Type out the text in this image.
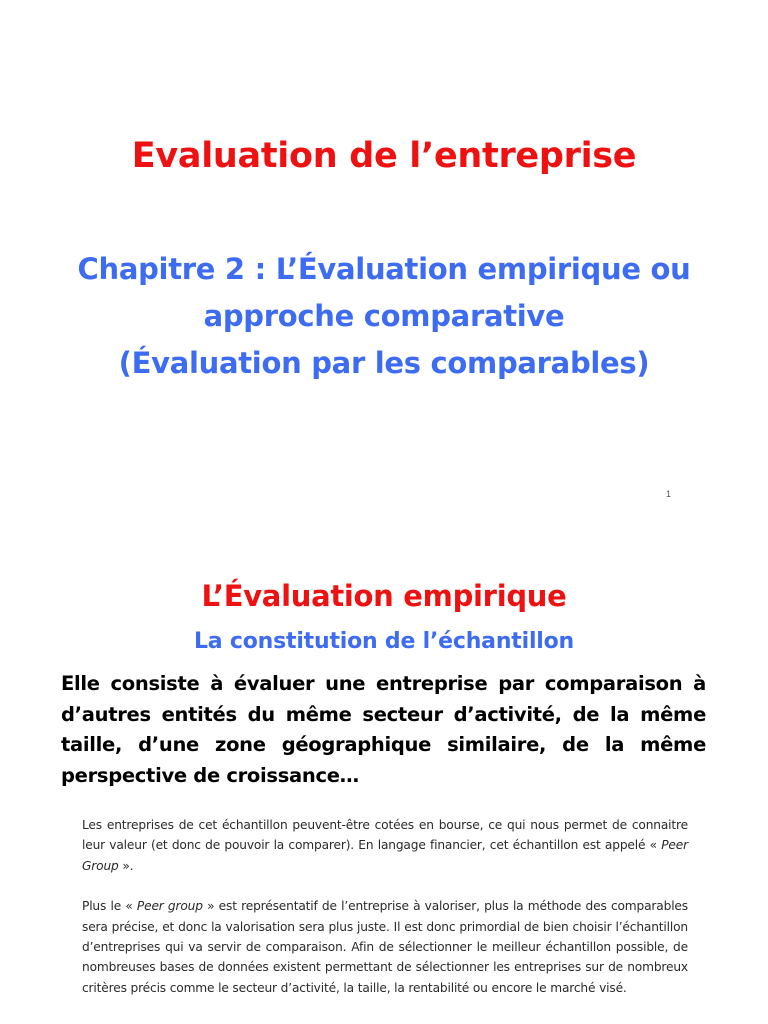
Evaluation de l’entreprise
Chapitre 2 : L’Évaluation empirique ou
approche comparative
(Évaluation par les comparables)
1
L’Évaluation empirique
La constitution de l’échantillon

Elle consiste à évaluer une entreprise par comparaison à d’autres entités du même secteur d’activité, de la même taille, d’une zone géographique similaire, de la même perspective de croissance…

Les entreprises de cet échantillon peuvent-être cotées en bourse, ce qui nous permet de connaitre leur valeur (et donc de pouvoir la comparer). En langage financier, cet échantillon est appelé « Peer Group ».

Plus le « Peer group » est représentatif de l’entreprise à valoriser, plus la méthode des comparables sera précise, et donc la valorisation sera plus juste. Il est donc primordial de bien choisir l’échantillon d’entreprises qui va servir de comparaison. Afin de sélectionner le meilleur échantillon possible, de nombreuses bases de données existent permettant de sélectionner les entreprises sur de nombreux critères précis comme le secteur d’activité, la taille, la rentabilité ou encore le marché visé.
